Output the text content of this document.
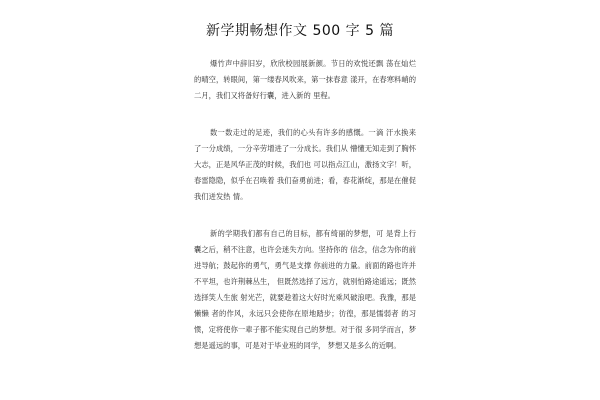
新学期畅想作文 500 字 5 篇

爆竹声中辞旧岁，欣欣校园展新颜。节日的欢悦还飘 荡在灿烂的晴空，转眼间，第一缕春风吹来，第一抹春意 漾开，在春寒料峭的二月，我们又将备好行囊，进入新的 里程。

数一数走过的足迹，我们的心头有许多的感慨。一滴 汗水换来了一分成绩，一分辛劳增进了一分成长。我们从 懵懂无知走到了胸怀大志，正是风华正茂的时候，我们也 可以指点江山，激扬文字！听，春雷隐隐，似乎在召唤着 我们奋勇前进；看，春花渐绽，那是在催促我们迸发热 情。

新的学期我们都有自己的目标，都有绮丽的梦想，可 是背上行囊之后，稍不注意，也许会迷失方向。坚持你的 信念，信念为你的前进导航；鼓起你的勇气，勇气是支撑 你前进的力量。前面的路也许并不平坦，也许荆棘丛生， 但既然选择了远方，就别怕路途遥远；既然选择笑人生旅 射光芒，就要趁着这大好时光乘风破浪吧。我豫，那是懒懒 者的作风，永远只会使你在原地踏步；彷徨，那是懦弱者 的习惯，定将使你一辈子都不能实现自己的梦想。对于很 多同学而言，梦想是遥远的事，可是对于毕业班的同学， 梦想又是多么的近啊。
